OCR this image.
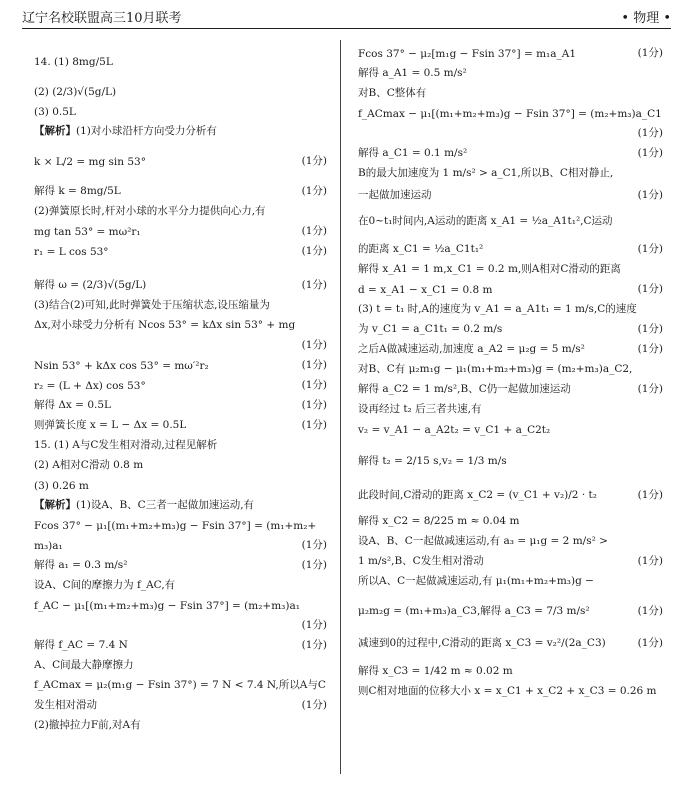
辽宁名校联盟高三10月联考	• 物理 •
14. (1) 8mg/5L
(2) (2/3)√(5g/L)
(3) 0.5L
【解析】(1)对小球沿杆方向受力分析有
k × L/2 = mg sin 53°	(1分)
解得 k = 8mg/5L	(1分)
(2)弹簧原长时,杆对小球的水平分力提供向心力,有
mg tan 53° = mω²r₁	(1分)
r₁ = L cos 53°	(1分)
解得 ω = (2/3)√(5g/L)	(1分)
(3)结合(2)可知,此时弹簧处于压缩状态,设压缩量为
Δx,对小球受力分析有 Ncos 53° = kΔx sin 53° + mg
(1分)
Nsin 53° + kΔx cos 53° = mω′²r₂	(1分)
r₂ = (L + Δx) cos 53°	(1分)
解得 Δx = 0.5L	(1分)
则弹簧长度 x = L − Δx = 0.5L	(1分)
15. (1) A与C发生相对滑动,过程见解析
(2) A相对C滑动 0.8 m
(3) 0.26 m
【解析】(1)设A、B、C三者一起做加速运动,有
Fcos 37° − μ₁[(m₁+m₂+m₃)g − Fsin 37°] = (m₁+m₂+
m₃)a₁	(1分)
解得 a₁ = 0.3 m/s²	(1分)
设A、C间的摩擦力为 f_AC,有
f_AC − μ₁[(m₁+m₂+m₃)g − Fsin 37°] = (m₂+m₃)a₁
(1分)
解得 f_AC = 7.4 N	(1分)
A、C间最大静摩擦力
f_ACmax = μ₂(m₁g − Fsin 37°) = 7 N < 7.4 N,所以A与C
发生相对滑动	(1分)
(2)撤掉拉力F前,对A有
Fcos 37° − μ₂[m₁g − Fsin 37°] = m₁a_A1	(1分)
解得 a_A1 = 0.5 m/s²
对B、C整体有
f_ACmax − μ₁[(m₁+m₂+m₃)g − Fsin 37°] = (m₂+m₃)a_C1
(1分)
解得 a_C1 = 0.1 m/s²	(1分)
B的最大加速度为 1 m/s² > a_C1,所以B、C相对静止,
一起做加速运动	(1分)
在0~t₁时间内,A运动的距离 x_A1 = ½a_A1t₁²,C运动
的距离 x_C1 = ½a_C1t₁²	(1分)
解得 x_A1 = 1 m,x_C1 = 0.2 m,则A相对C滑动的距离
d = x_A1 − x_C1 = 0.8 m	(1分)
(3) t = t₁ 时,A的速度为 v_A1 = a_A1t₁ = 1 m/s,C的速度
为 v_C1 = a_C1t₁ = 0.2 m/s	(1分)
之后A做减速运动,加速度 a_A2 = μ₂g = 5 m/s²	(1分)
对B、C有 μ₂m₁g − μ₁(m₁+m₂+m₃)g = (m₂+m₃)a_C2,
解得 a_C2 = 1 m/s²,B、C仍一起做加速运动	(1分)
设再经过 t₂ 后三者共速,有
v₂ = v_A1 − a_A2t₂ = v_C1 + a_C2t₂
解得 t₂ = 2/15 s,v₂ = 1/3 m/s
此段时间,C滑动的距离 x_C2 = (v_C1 + v₂)/2 · t₂	(1分)
解得 x_C2 = 8/225 m ≈ 0.04 m
设A、B、C一起做减速运动,有 a₃ = μ₁g = 2 m/s² >
1 m/s²,B、C发生相对滑动	(1分)
所以A、C一起做减速运动,有 μ₁(m₁+m₂+m₃)g −
μ₂m₂g = (m₁+m₃)a_C3,解得 a_C3 = 7/3 m/s²	(1分)
减速到0的过程中,C滑动的距离 x_C3 = v₂²/(2a_C3)	(1分)
解得 x_C3 = 1/42 m ≈ 0.02 m
则C相对地面的位移大小 x = x_C1 + x_C2 + x_C3 = 0.26 m
